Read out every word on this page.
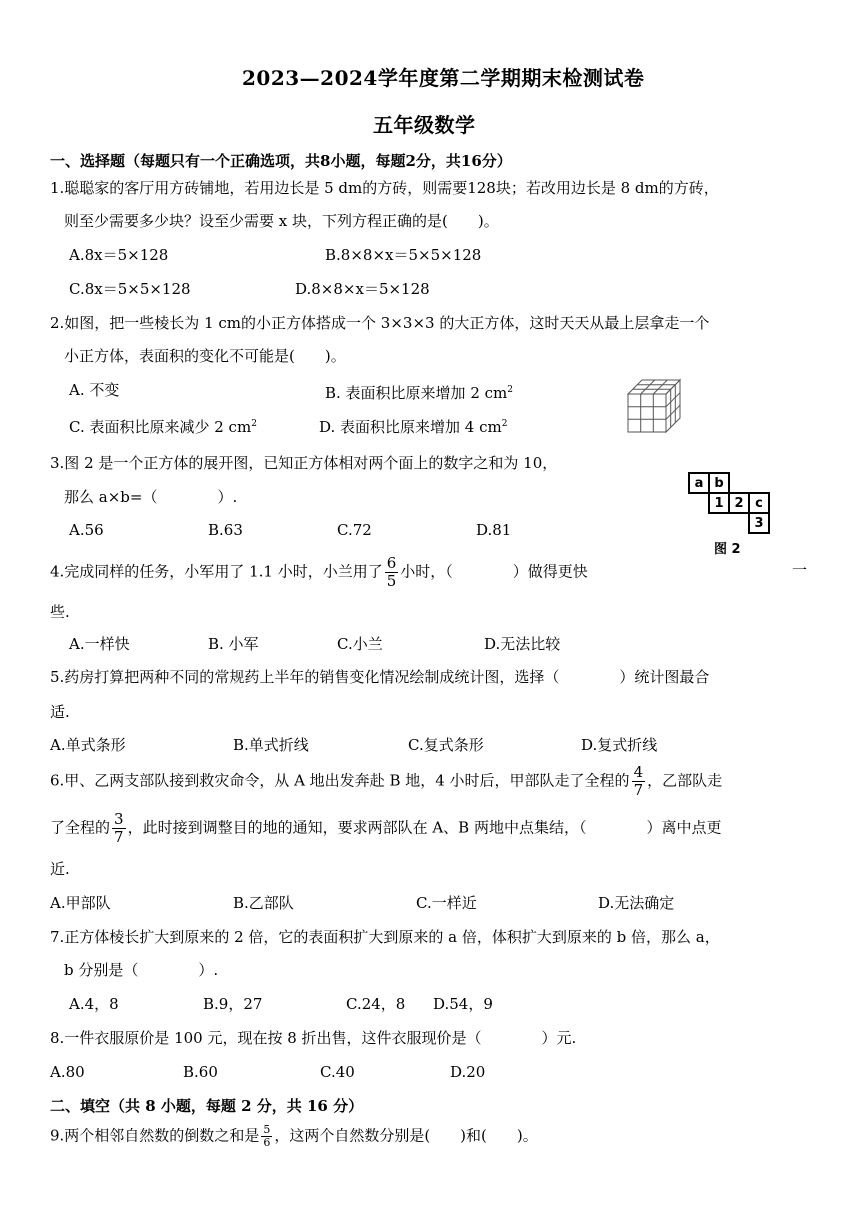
2023—2024学年度第二学期期末检测试卷
五年级数学
一、选择题（每题只有一个正确选项，共8小题，每题2分，共16分）
1.聪聪家的客厅用方砖铺地，若用边长是 5 dm的方砖，则需要128块；若改用边长是 8 dm的方砖，
则至少需要多少块？设至少需要 x 块，下列方程正确的是(　　)。
A.8x＝5×128	B.8×8×x＝5×5×128
C.8x＝5×5×128	D.8×8×x＝5×128
2.如图，把一些棱长为 1 cm的小正方体搭成一个 3×3×3 的大正方体，这时天天从最上层拿走一个
小正方体，表面积的变化不可能是(　　)。
A. 不变	B. 表面积比原来增加 2 $cm^2$
C. 表面积比原来减少 2 $cm^2$	D. 表面积比原来增加 4 $cm^2$
3.图 2 是一个正方体的展开图，已知正方体相对两个面上的数字之和为 10，
那么 a×b=（　　　　）.
A.56	B.63	C.72	D.81
a	b		
	1	2	c
			3
图 2
4.完成同样的任务，小军用了 1.1 小时，小兰用了 $\frac{6}{5}$ 小时，（　　　　）做得更快	一
些.
A.一样快	B. 小军	C.小兰	D.无法比较
5.药房打算把两种不同的常规药上半年的销售变化情况绘制成统计图，选择（　　　　）统计图最合
适.
A.单式条形	B.单式折线	C.复式条形	D.复式折线
6.甲、乙两支部队接到救灾命令，从 A 地出发奔赴 B 地，4 小时后，甲部队走了全程的 $\frac{4}{7}$ ，乙部队走
了全程的 $\frac{3}{7}$ ，此时接到调整目的地的通知，要求两部队在 A、B 两地中点集结，（　　　　）离中点更
近.
A.甲部队	B.乙部队	C.一样近	D.无法确定
7.正方体棱长扩大到原来的 2 倍，它的表面积扩大到原来的 a 倍，体积扩大到原来的 b 倍，那么 a，
b 分别是（　　　　）.
A.4，8	B.9，27	C.24，8 D.54，9
8.一件衣服原价是 100 元，现在按 8 折出售，这件衣服现价是（　　　　）元.
A.80	B.60	C.40	D.20
二、填空（共 8 小题，每题 2 分，共 16 分）
9.两个相邻自然数的倒数之和是 $\frac{5}{6}$ ，这两个自然数分别是(　　)和(　　)。
